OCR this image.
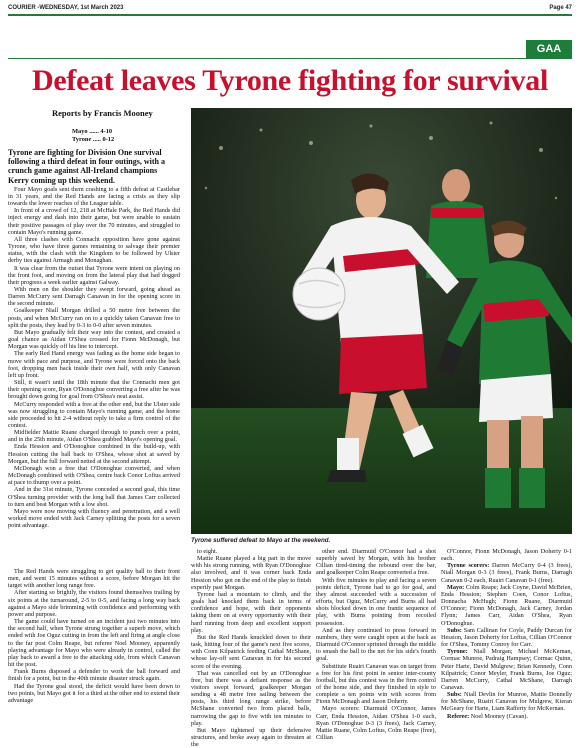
COURIER -WEDNESDAY, 1st March 2023	Page 47
GAA
Defeat leaves Tyrone fighting for survival
Reports by Francis Mooney
Mayo ...... 4-10
Tyrone ..... 0-12

Tyrone are fighting for Division One survival following a third defeat in four outings, with a crunch game against All-Ireland champions Kerry coming up this weekend.

Four Mayo goals sent them crashing to a fifth defeat at Castlebar in 31 years, and the Red Hands are facing a crisis as they slip towards the lower reaches of the League table.

In front of a crowd of 12, 218 at McHale Park, the Red Hands did inject energy and dash into their game, but were unable to sustain their positive passages of play over the 70 minutes, and struggled to contain Mayo's running game.

All three clashes with Connacht opposition have gone against Tyrone, who have three games remaining to salvage their premier status, with the clash with the Kingdom to be followed by Ulster derby ties against Armagh and Monaghan.

It was clear from the outset that Tyrone were intent on playing on the front foot, and moving on from the lateral play that had dogged their progress a week earlier against Galway.

With men on the shoulder they swept forward, going ahead as Darren McCurry sent Darragh Canavan in for the opening score in the second minute.

Goalkeeper Niall Morgan drilled a 50 metre free between the posts, and when McCurry ran on to a quickly taken Canavan free to split the posts, they lead by 0-3 to 0-0 after seven minutes.

But Mayo gradually felt their way into the contest, and created a goal chance as Aidan O'Shea crossed for Fionn McDonagh, but Morgan was quickly off his line to intercept.

The early Red Hand energy was fading as the home side began to move with pace and purpose, and Tyrone were forced onto the back foot, dropping men back inside their own half, with only Canavan left up front.

Still, it wasn't until the 18th minute that the Connacht men got their opening score, Ryan O'Donoghue converting a free after he was brought down going for goal from O'Shea's neat assist.

McCurry responded with a free at the other end, but the Ulster side was now struggling to contain Mayo's running game, and the home side proceeded to hit 2-4 without reply to take a firm control of the contest.

Midfielder Mattie Ruane charged through to punch over a point, and in the 25th minute, Aidan O'Shea grabbed Mayo's opening goal.

Enda Hession and O'Donoghue combined in the build-up, with Hession cutting the ball back to O'Shea, whose shot at saved by Morgan, but the full forward netted at the second attempt.

McDonagh won a free that O'Donoghue converted, and when McDonagh combined with O'Shea, centre back Conor Loftus arrived at pace to thump over a point.

And in the 31st minute, Tyrone conceded a second goal, this time O'Shea turning provider with the long ball that James Carr collected to turn and beat Morgan with a low shot.

Mayo were now moving with fluency and penetration, and a well worked move ended with Jack Carney splitting the posts for a seven point advantage.

The Red Hands were struggling to get quality ball to their front men, and went 15 minutes without a score, before Morgan hit the target with another long range free.

After starting so brightly, the visitors found themselves trailing by six points at the turnaround, 2-5 to 0-5, and facing a long way back against a Mayo side brimming with confidence and performing with power and purpose.

The game could have turned on an incident just two minutes into the second half, when Tyrone strung together a superb move, which ended with Joe Oguz cutting in from the left and firing at angle close to the far post Colm Reape, but referee Noel Mooney, apparently playing advantage for Mayo who were already in control, called the play back to award a free to the attacking side, from which Canavan hit the post.

Frank Burns disposed a defender to work the ball forward and finish for a point, but in the 40th minute disaster struck again.

Had the Tyrone goal stood, the deficit would have been down to two points, but Mayo got it for a third at the other end to extend their advantage

Tyrone suffered defeat to Mayo at the weekend.

to eight.

Mattie Ruane played a big part in the move with his strong running, with Ryan O'Donoghue also involved, and it was corner back Enda Hession who got on the end of the play to finish expertly past Morgan.

Tyrone had a mountain to climb, and the goals had knocked them back in terms of confidence and hope, with their opponents taking them on at every opportunity with their hard running from deep and excellent support play.

But the Red Hands knuckled down to their task, hitting four of the game's next five scores, with Conn Kilpatrick feeding Cathal McShane, whose lay-off sent Canavan in for his second score of the evening.

That was cancelled out by an O'Donoghue free, but there was a defiant response as the visitors swept forward, goalkeeper Morgan sending a 48 metre free sailing between the posts, his third long range strike, before McShane converted two from placed balls, narrowing the gap to five with ten minutes to play.

But Mayo tightened up their defensive structures, and broke away again to threaten at the

other end. Diarmuid O'Connor had a shot superbly saved by Morgan, with his brother Cillian tired-timing the rebound over the bar, and goalkeeper Colm Reape converted a free.

With five minutes to play and facing a seven points deficit, Tyrone had to go for goal, and they almost succeeded with a succession of efforts, but Oguz, McCurry and Burns all had shots blocked down in one frantic sequence of play, with Burns pointing from recoiled possession.

And as they continued to press forward in numbers, they were caught open at the back as Diarmuid O'Connor sprinted through the middle to smash the ball to the net for his side's fourth goal.

Substitute Ruairi Canavan was on target from a free for his first point in senior inter-county football, but this contest was in the firm control of the home side, and they finished in style to complete a ten points win with scores from Fionn McDonagh and Jason Doherty.

Mayo scorers: Diarmuid O'Connor, James Carr, Enda Hession, Aidan O'Shea 1-0 each, Ryan O'Donoghue 0-3 (3 frees), Jack Carney, Mattie Ruane, Colm Loftus, Colm Reape (free), Cillian

O'Connor, Fionn McDonagh, Jason Doherty 0-1 each.

Tyrone scorers: Darren McCurry 0-4 (3 frees), Niall Morgan 0-3 (3 frees), Frank Burns, Darragh Canavan 0-2 each, Ruairi Canavan 0-1 (free).

Mayo: Colm Reape; Jack Coyne, David McBrien, Enda Hession; Stephen Coen, Conor Loftus, Donnacha McHugh; Fionn Ruane, Diarmuid O'Connor; Fionn McDonagh, Jack Carney, Jordan Flynn; James Carr, Aidan O'Shea, Ryan O'Donoghue.

Subs: Sam Callinan for Coyle, Paddy Durcan for Hession, Jason Doherty for Loftus, Cillian O'Connor for O'Shea, Tommy Conroy for Carr.

Tyrone: Niall Morgan; Michael McKernan, Cormac Munroe, Padraig Hampsey; Cormac Quinn, Peter Harte, David Mulgrew; Brian Kennedy, Conn Kilpatrick; Conor Meyler, Frank Burns, Joe Oguz; Darren McCurry, Cathal McShane, Darragh Canavan.

Subs: Niall Devlin for Munroe, Mattie Donnelly for McShane, Ruairi Canavan for Mulgrew, Kieran McGeary for Harte, Liam Rafferty for McKernan.

Referee: Noel Mooney (Cavan).
